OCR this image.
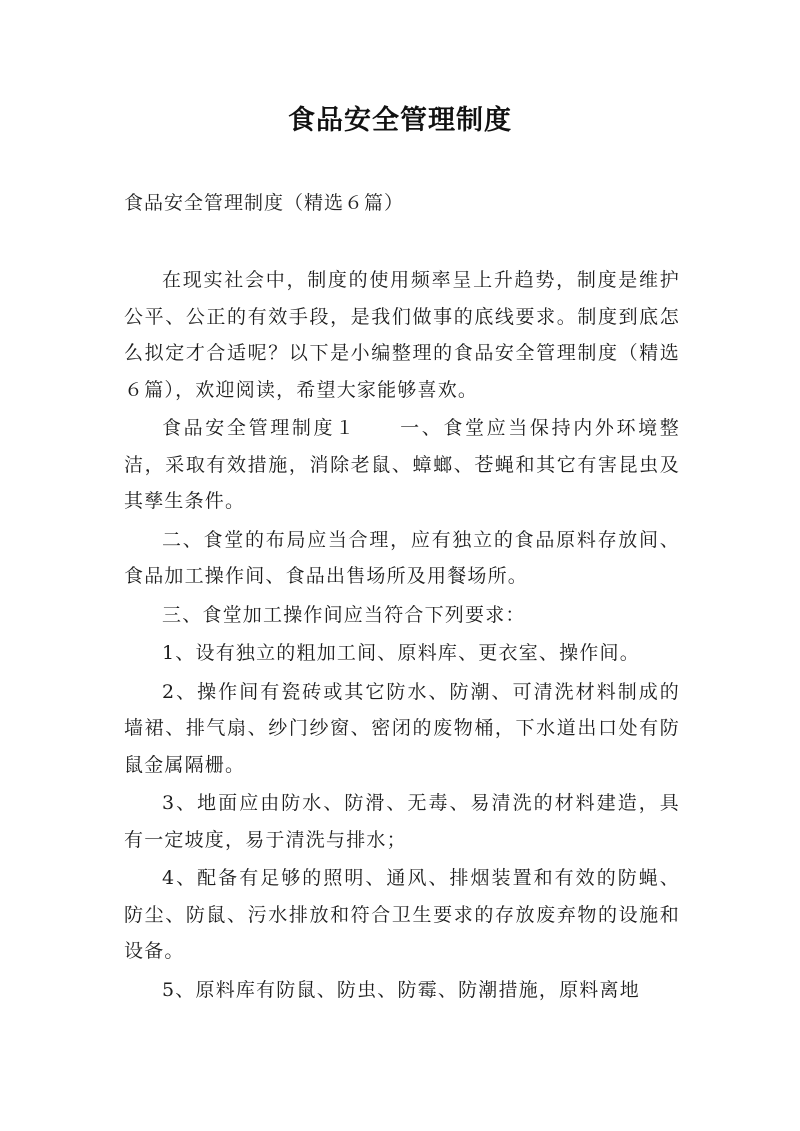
食品安全管理制度
食品安全管理制度（精选６篇）

在现实社会中，制度的使用频率呈上升趋势，制度是维护公平、公正的有效手段，是我们做事的底线要求。制度到底怎么拟定才合适呢？以下是小编整理的食品安全管理制度（精选６篇），欢迎阅读，希望大家能够喜欢。

食品安全管理制度１　　一、食堂应当保持内外环境整洁，采取有效措施，消除老鼠、蟑螂、苍蝇和其它有害昆虫及其孳生条件。

二、食堂的布局应当合理，应有独立的食品原料存放间、食品加工操作间、食品出售场所及用餐场所。

三、食堂加工操作间应当符合下列要求：

1、设有独立的粗加工间、原料库、更衣室、操作间。

2、操作间有瓷砖或其它防水、防潮、可清洗材料制成的墙裙、排气扇、纱门纱窗、密闭的废物桶，下水道出口处有防鼠金属隔栅。

3、地面应由防水、防滑、无毒、易清洗的材料建造，具有一定坡度，易于清洗与排水；

4、配备有足够的照明、通风、排烟装置和有效的防蝇、防尘、防鼠、污水排放和符合卫生要求的存放废弃物的设施和设备。

5、原料库有防鼠、防虫、防霉、防潮措施，原料离地
